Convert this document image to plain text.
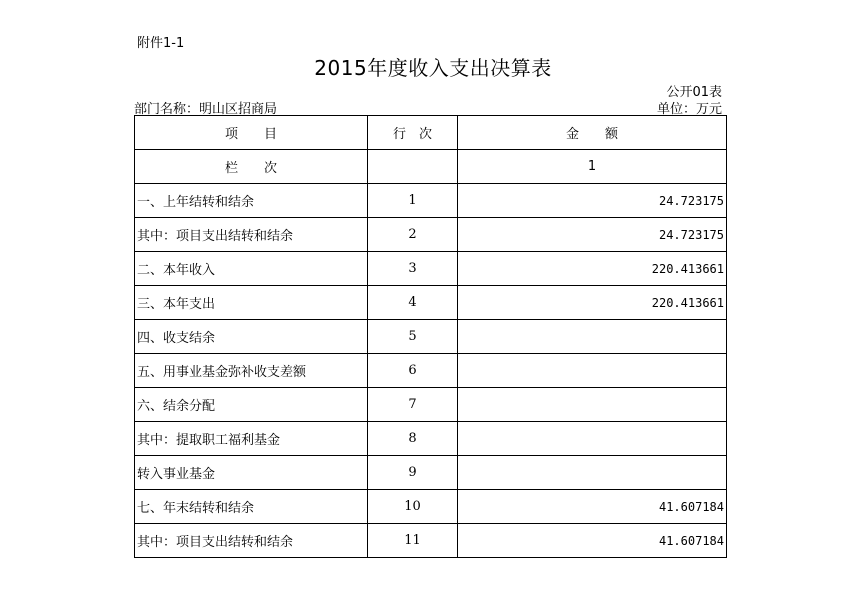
附件1-1
2015年度收入支出决算表
公开01表
部门名称：明山区招商局	单位：万元
项　　目	行　次	金　　额
栏　　次		1
一、上年结转和结余	1	24.723175
其中：项目支出结转和结余	2	24.723175
二、本年收入	3	220.413661
三、本年支出	4	220.413661
四、收支结余	5	
五、用事业基金弥补收支差额	6	
六、结余分配	7	
其中：提取职工福利基金	8	
转入事业基金	9	
七、年末结转和结余	10	41.607184
其中：项目支出结转和结余	11	41.607184
